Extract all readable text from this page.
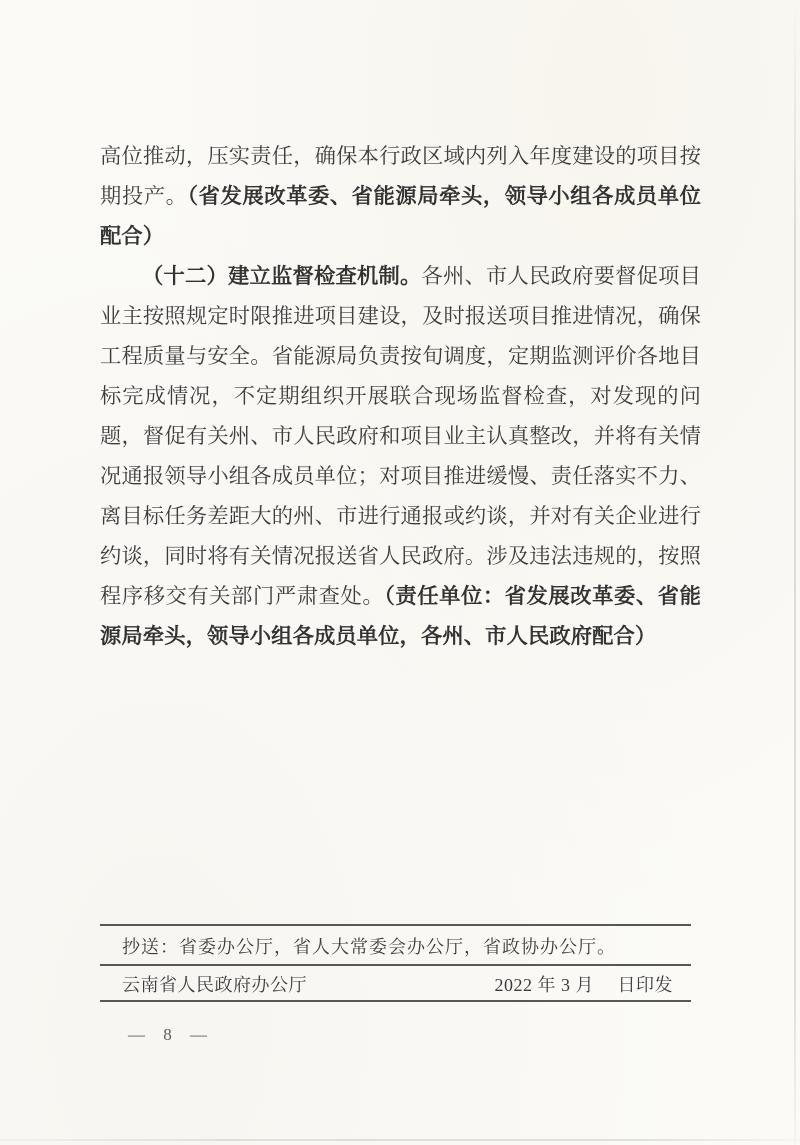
高位推动，压实责任，确保本行政区域内列入年度建设的项目按
期投产。（省发展改革委、省能源局牵头，领导小组各成员单位
配合）
（十二）建立监督检查机制。各州、市人民政府要督促项目
业主按照规定时限推进项目建设，及时报送项目推进情况，确保
工程质量与安全。省能源局负责按旬调度，定期监测评价各地目
标完成情况，不定期组织开展联合现场监督检查，对发现的问
题，督促有关州、市人民政府和项目业主认真整改，并将有关情
况通报领导小组各成员单位；对项目推进缓慢、责任落实不力、
离目标任务差距大的州、市进行通报或约谈，并对有关企业进行
约谈，同时将有关情况报送省人民政府。涉及违法违规的，按照
程序移交有关部门严肃查处。（责任单位：省发展改革委、省能
源局牵头，领导小组各成员单位，各州、市人民政府配合）
抄送：省委办公厅，省人大常委会办公厅，省政协办公厅。
云南省人民政府办公厅	2022 年 3 月　 日印发
— 8 —
